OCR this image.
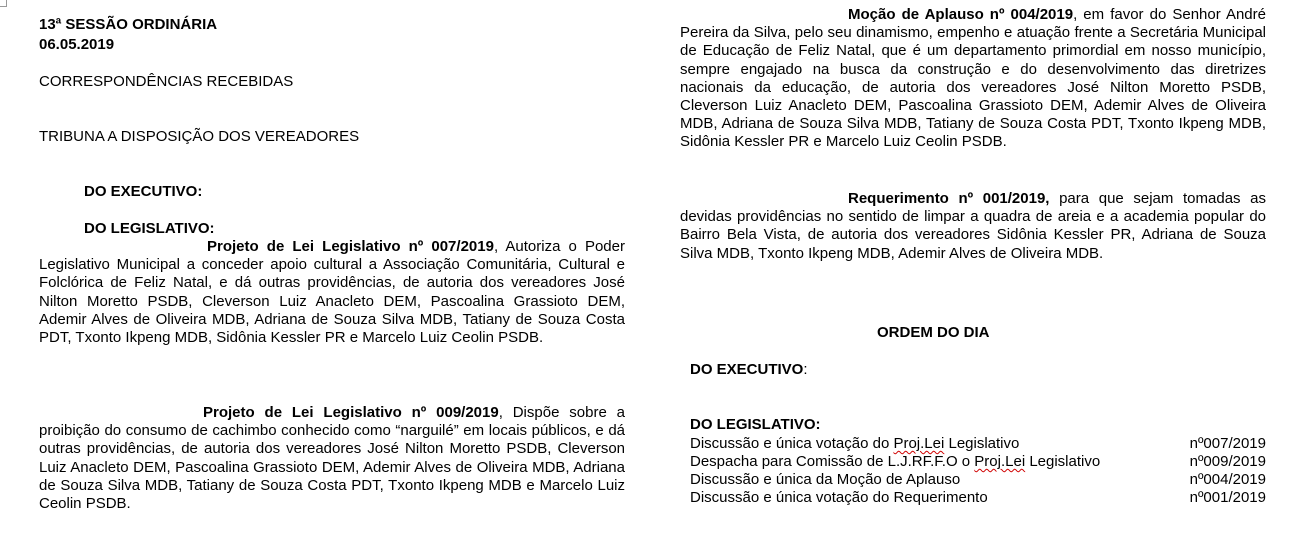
13ª SESSÃO ORDINÁRIA
06.05.2019
CORRESPONDÊNCIAS RECEBIDAS
TRIBUNA A DISPOSIÇÃO DOS VEREADORES
DO EXECUTIVO:
DO LEGISLATIVO:
Projeto de Lei Legislativo nº 007/2019, Autoriza o Poder Legislativo Municipal a conceder apoio cultural a Associação Comunitária, Cultural e Folclórica de Feliz Natal, e dá outras providências, de autoria dos vereadores José Nilton Moretto PSDB, Cleverson Luiz Anacleto DEM, Pascoalina Grassioto DEM, Ademir Alves de Oliveira MDB, Adriana de Souza Silva MDB, Tatiany de Souza Costa PDT, Txonto Ikpeng MDB, Sidônia Kessler PR e Marcelo Luiz Ceolin PSDB.
Projeto de Lei Legislativo nº 009/2019, Dispõe sobre a proibição do consumo de cachimbo conhecido como “narguilé” em locais públicos, e dá outras providências, de autoria dos vereadores José Nilton Moretto PSDB, Cleverson Luiz Anacleto DEM, Pascoalina Grassioto DEM, Ademir Alves de Oliveira MDB, Adriana de Souza Silva MDB, Tatiany de Souza Costa PDT, Txonto Ikpeng MDB e Marcelo Luiz Ceolin PSDB.
Moção de Aplauso nº 004/2019, em favor do Senhor André Pereira da Silva, pelo seu dinamismo, empenho e atuação frente a Secretária Municipal de Educação de Feliz Natal, que é um departamento primordial em nosso município, sempre engajado na busca da construção e do desenvolvimento das diretrizes nacionais da educação, de autoria dos vereadores José Nilton Moretto PSDB, Cleverson Luiz Anacleto DEM, Pascoalina Grassioto DEM, Ademir Alves de Oliveira MDB, Adriana de Souza Silva MDB, Tatiany de Souza Costa PDT, Txonto Ikpeng MDB, Sidônia Kessler PR e Marcelo Luiz Ceolin PSDB.
Requerimento nº 001/2019, para que sejam tomadas as devidas providências no sentido de limpar a quadra de areia e a academia popular do Bairro Bela Vista, de autoria dos vereadores Sidônia Kessler PR, Adriana de Souza Silva MDB, Txonto Ikpeng MDB, Ademir Alves de Oliveira MDB.
ORDEM DO DIA
DO EXECUTIVO:
DO LEGISLATIVO:
Discussão e única votação do Proj.Lei Legislativo	nº007/2019
Despacha para Comissão de L.J.RF.F.O o Proj.Lei Legislativo	nº009/2019
Discussão e única da Moção de Aplauso	nº004/2019
Discussão e única votação do Requerimento	nº001/2019
